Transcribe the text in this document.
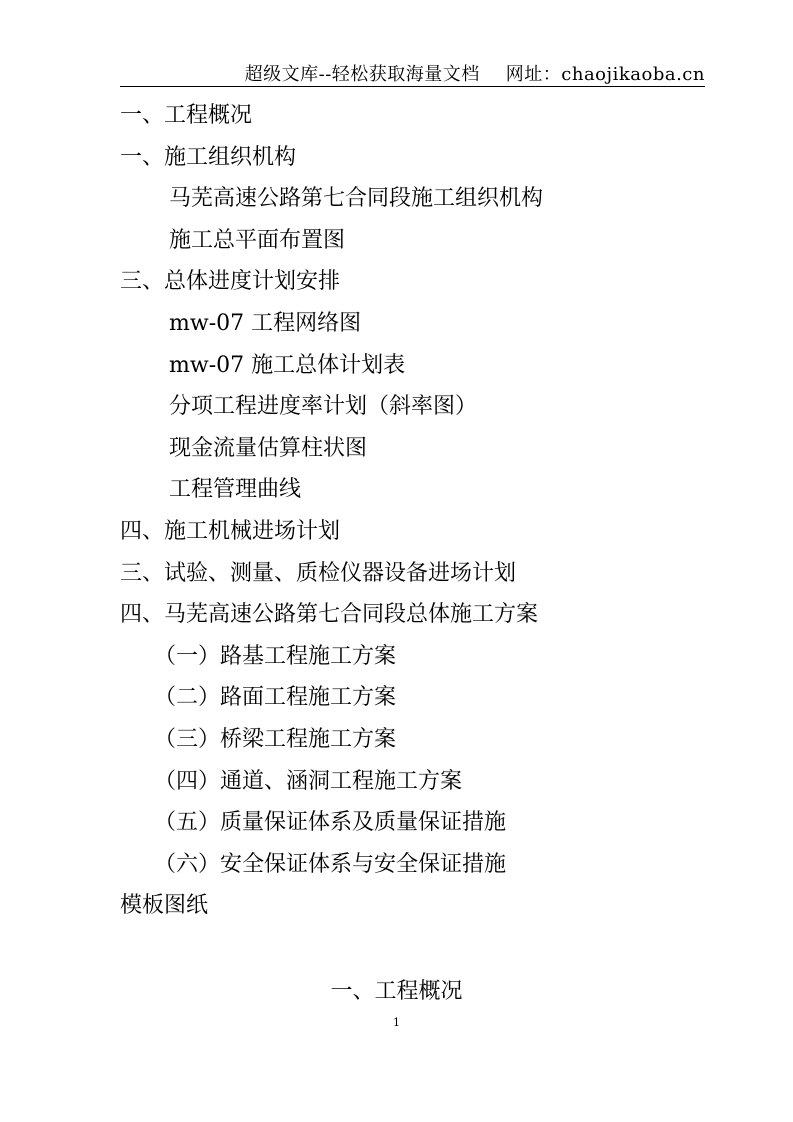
超级文库--轻松获取海量文档 网址：chaojikaoba.cn
一、工程概况
一、施工组织机构
马芜高速公路第七合同段施工组织机构
施工总平面布置图
三、总体进度计划安排
mw-07 工程网络图
mw-07 施工总体计划表
分项工程进度率计划（斜率图）
现金流量估算柱状图
工程管理曲线
四、施工机械进场计划
三、试验、测量、质检仪器设备进场计划
四、马芜高速公路第七合同段总体施工方案
（一）路基工程施工方案
（二）路面工程施工方案
（三）桥梁工程施工方案
（四）通道、涵洞工程施工方案
（五）质量保证体系及质量保证措施
（六）安全保证体系与安全保证措施
模板图纸
一、工程概况
1
